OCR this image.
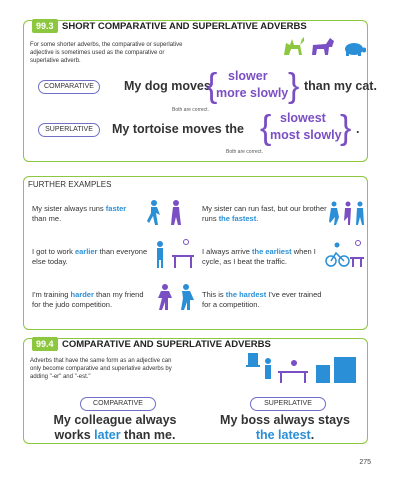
99.3 SHORT COMPARATIVE AND SUPERLATIVE ADVERBS
For some shorter adverbs, the comparative or superlative adjective is sometimes used as the comparative or superlative adverb.
COMPARATIVE	My dog moves
{ slower
more slowly } than my cat.
Both are correct.
SUPERLATIVE	My tortoise moves the { slowest
most slowly
} .
Both are correct.
FURTHER EXAMPLES
My sister always runs faster than me.
My sister can run fast, but our brother runs the fastest.
I got to work earlier than everyone else today.
I always arrive the earliest when I cycle, as I beat the traffic.
I'm training harder than my friend for the judo competition.
This is the hardest I've ever trained for a competition.
99.4 COMPARATIVE AND SUPERLATIVE ADVERBS
Adverbs that have the same form as an adjective can only become comparative and superlative adverbs by adding "-er" and "-est."
COMPARATIVE	SUPERLATIVE
My colleague always works later than me.
My boss always stays the latest.
275
